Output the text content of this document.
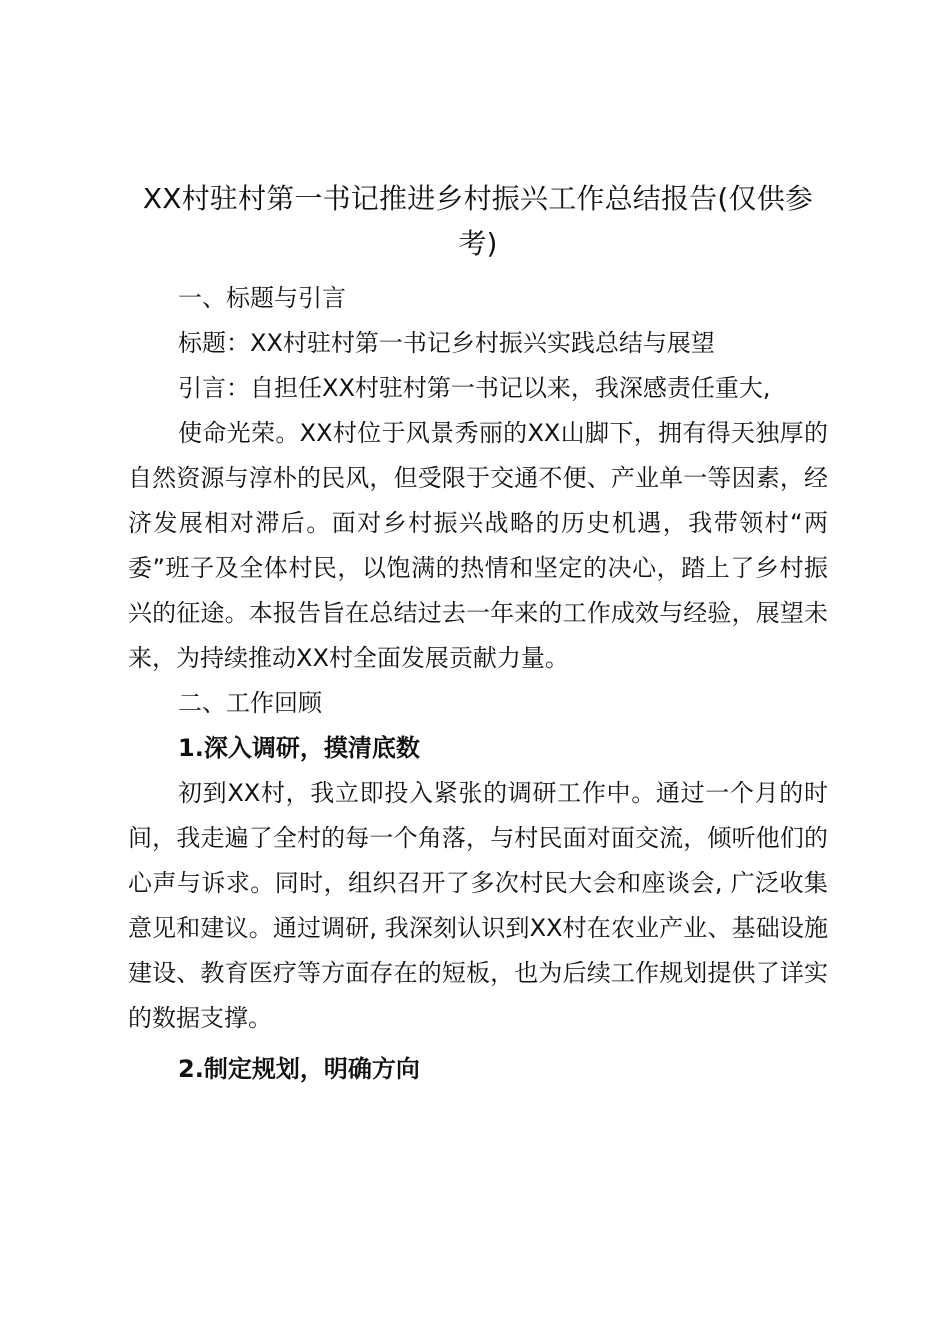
XX村驻村第一书记推进乡村振兴工作总结报告(仅供参考)

一、标题与引言

标题：XX村驻村第一书记乡村振兴实践总结与展望

引言：自担任XX村驻村第一书记以来，我深感责任重大,

使命光荣。XX村位于风景秀丽的XX山脚下，拥有得天独厚的自然资源与淳朴的民风，但受限于交通不便、产业单一等因素，经济发展相对滞后。面对乡村振兴战略的历史机遇，我带领村“两委”班子及全体村民，以饱满的热情和坚定的决心，踏上了乡村振兴的征途。本报告旨在总结过去一年来的工作成效与经验，展望未来，为持续推动XX村全面发展贡献力量。

二、工作回顾

1.深入调研，摸清底数

初到XX村，我立即投入紧张的调研工作中。通过一个月的时间，我走遍了全村的每一个角落，与村民面对面交流，倾听他们的心声与诉求。同时，组织召开了多次村民大会和座谈会, 广泛收集意见和建议。通过调研, 我深刻认识到XX村在农业产业、基础设施建设、教育医疗等方面存在的短板，也为后续工作规划提供了详实的数据支撑。

2.制定规划，明确方向
